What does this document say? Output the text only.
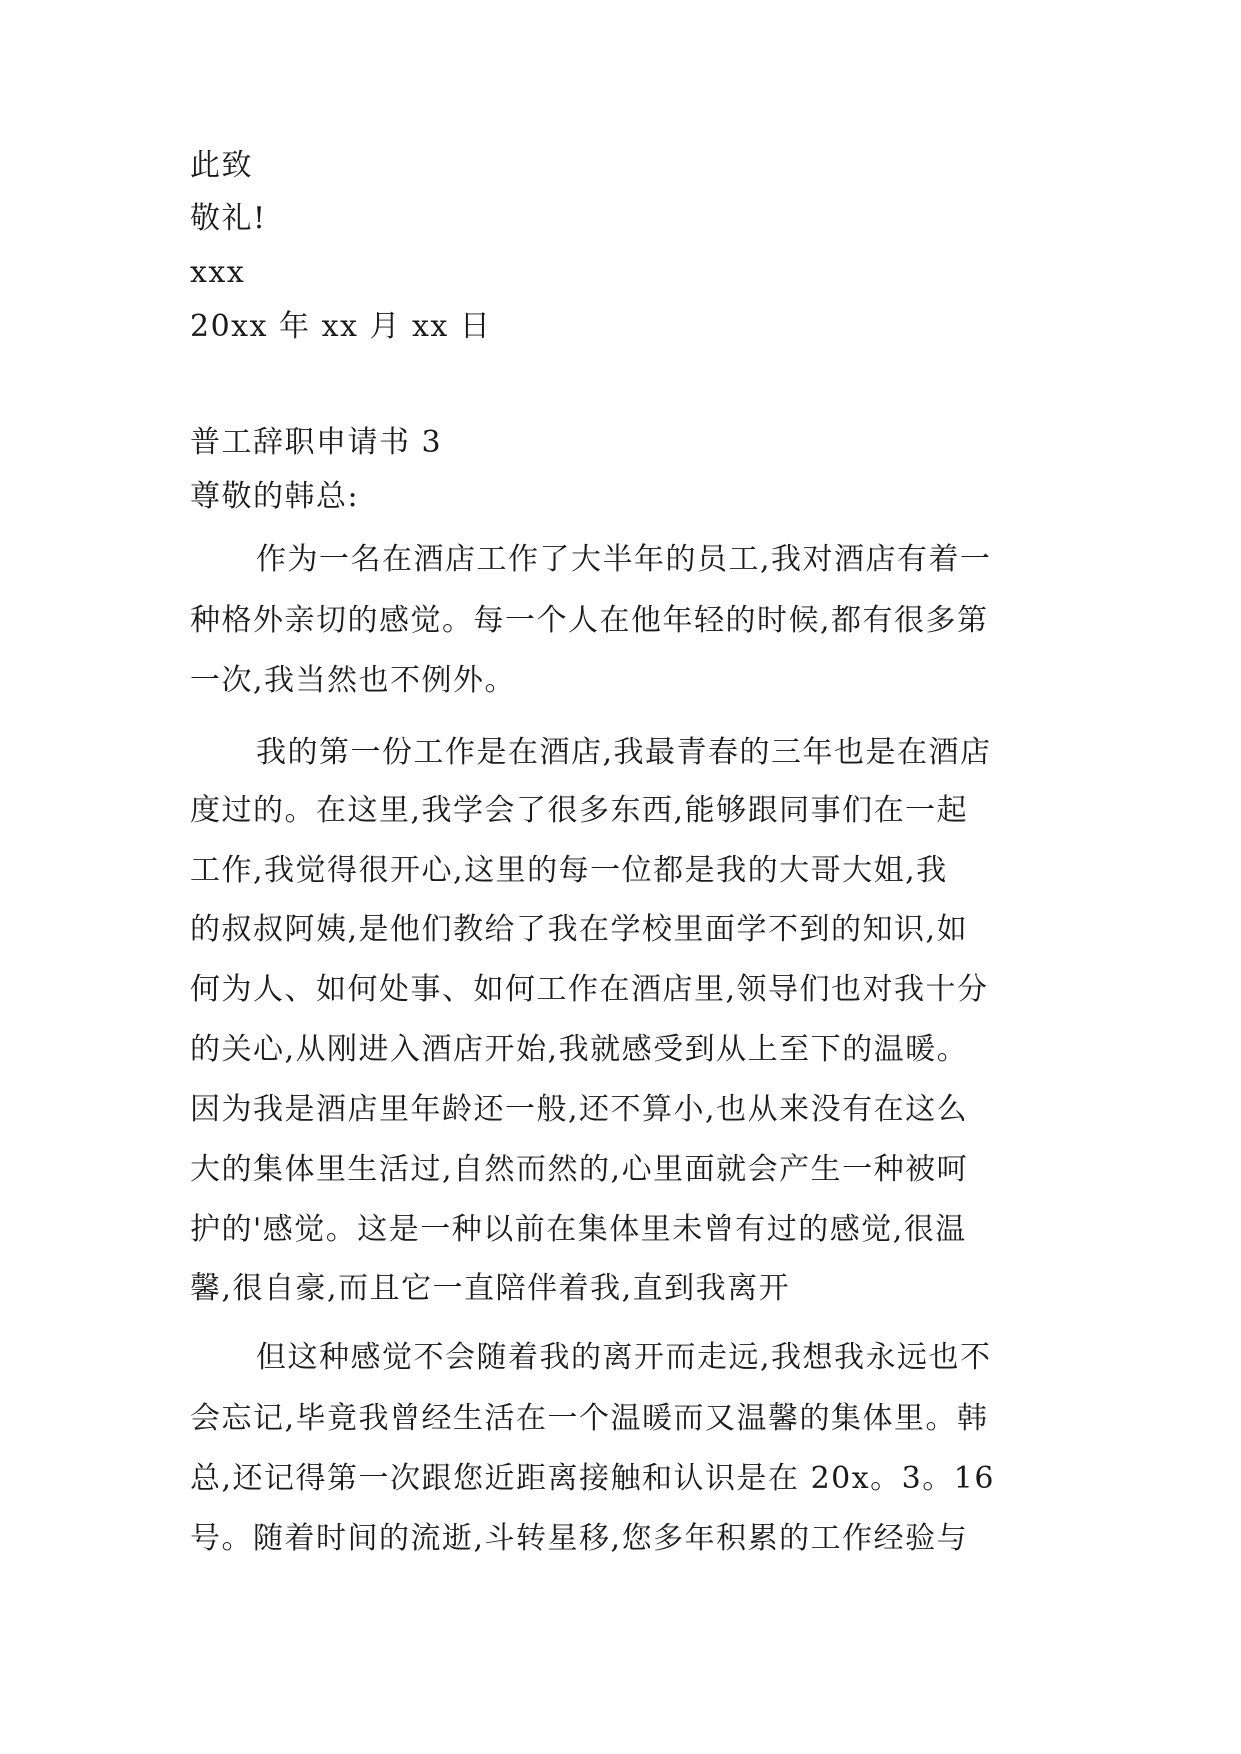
此致
敬礼!
xxx
20xx 年 xx 月 xx 日
普工辞职申请书 3
尊敬的韩总:
作为一名在酒店工作了大半年的员工,我对酒店有着一
种格外亲切的感觉。每一个人在他年轻的时候,都有很多第
一次,我当然也不例外。
我的第一份工作是在酒店,我最青春的三年也是在酒店
度过的。在这里,我学会了很多东西,能够跟同事们在一起
工作,我觉得很开心,这里的每一位都是我的大哥大姐,我
的叔叔阿姨,是他们教给了我在学校里面学不到的知识,如
何为人、如何处事、如何工作在酒店里,领导们也对我十分
的关心,从刚进入酒店开始,我就感受到从上至下的温暖。
因为我是酒店里年龄还一般,还不算小,也从来没有在这么
大的集体里生活过,自然而然的,心里面就会产生一种被呵
护的'感觉。这是一种以前在集体里未曾有过的感觉,很温
馨,很自豪,而且它一直陪伴着我,直到我离开
但这种感觉不会随着我的离开而走远,我想我永远也不
会忘记,毕竟我曾经生活在一个温暖而又温馨的集体里。韩
总,还记得第一次跟您近距离接触和认识是在 20x。3。16
号。随着时间的流逝,斗转星移,您多年积累的工作经验与
